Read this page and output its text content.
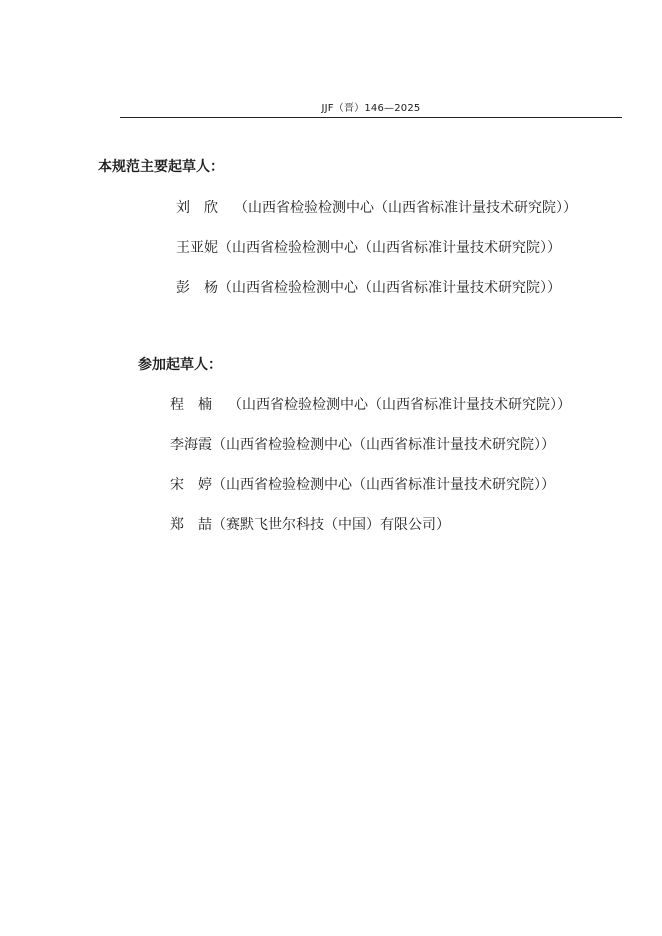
JJF（晋）146—2025
本规范主要起草人：
刘　欣	（山西省检验检测中心（山西省标准计量技术研究院））
王亚妮 （山西省检验检测中心（山西省标准计量技术研究院））
彭　杨 （山西省检验检测中心（山西省标准计量技术研究院））
参加起草人：
程　楠	（山西省检验检测中心（山西省标准计量技术研究院））
李海霞 （山西省检验检测中心（山西省标准计量技术研究院））
宋　婷 （山西省检验检测中心（山西省标准计量技术研究院））
郑　喆 （赛默飞世尔科技（中国）有限公司）
